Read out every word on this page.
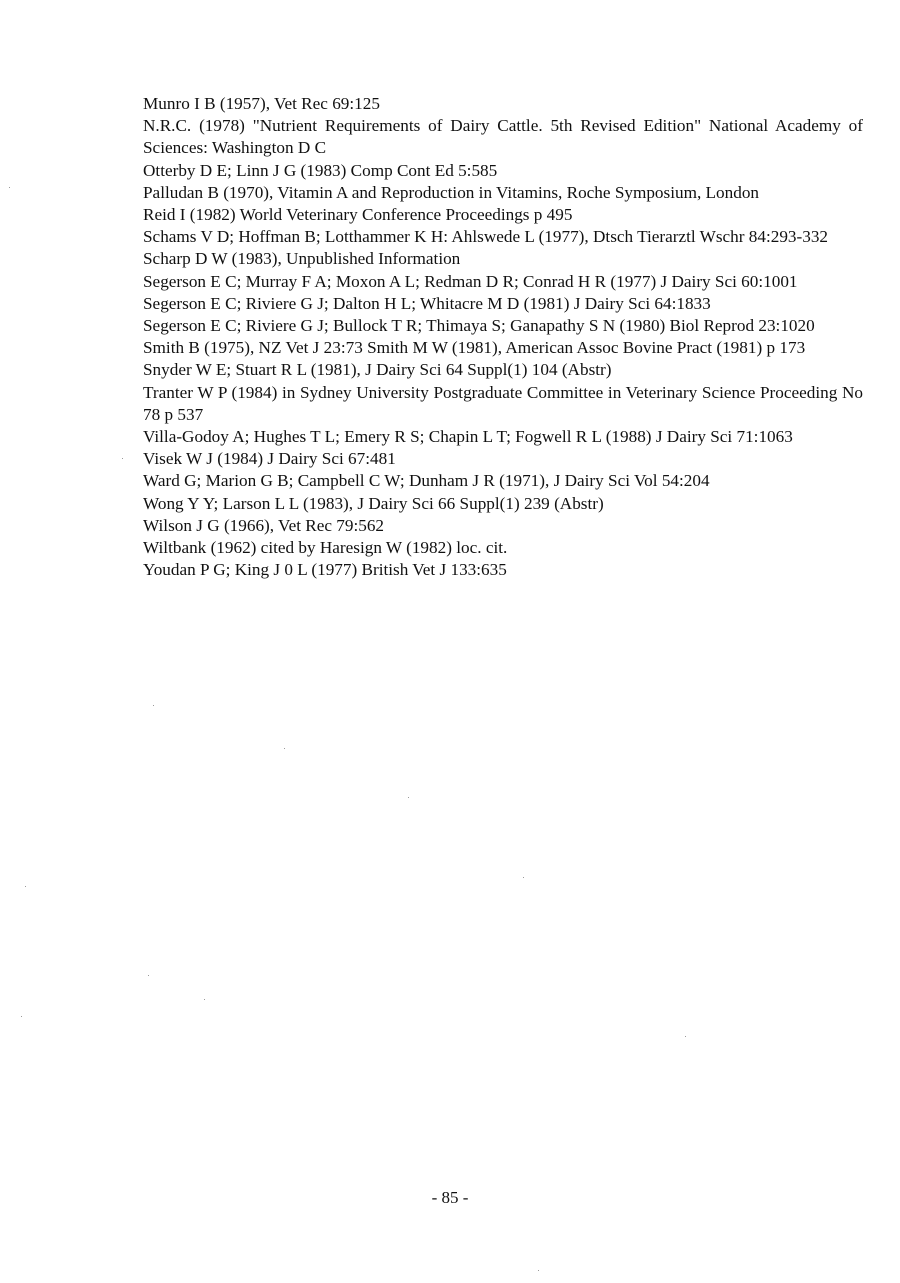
Munro I B (1957), Vet Rec 69:125
N.R.C. (1978) "Nutrient Requirements of Dairy Cattle. 5th Revised Edition" National Academy of Sciences: Washington D C
Otterby D E; Linn J G (1983) Comp Cont Ed 5:585
Palludan B (1970), Vitamin A and Reproduction in Vitamins, Roche Symposium, London
Reid I (1982) World Veterinary Conference Proceedings p 495
Schams V D; Hoffman B; Lotthammer K H: Ahlswede L (1977), Dtsch Tierarztl Wschr 84:293-332
Scharp D W (1983), Unpublished Information
Segerson E C; Murray F A; Moxon A L; Redman D R; Conrad H R (1977) J Dairy Sci 60:1001
Segerson E C; Riviere G J; Dalton H L; Whitacre M D (1981) J Dairy Sci 64:1833
Segerson E C; Riviere G J; Bullock T R; Thimaya S; Ganapathy S N (1980) Biol Reprod 23:1020
Smith B (1975), NZ Vet J 23:73 Smith M W (1981), American Assoc Bovine Pract (1981) p 173
Snyder W E; Stuart R L (1981), J Dairy Sci 64 Suppl(1) 104 (Abstr)
Tranter W P (1984) in Sydney University Postgraduate Committee in Veterinary Science Proceeding No 78 p 537
Villa-Godoy A; Hughes T L; Emery R S; Chapin L T; Fogwell R L (1988) J Dairy Sci 71:1063
Visek W J (1984) J Dairy Sci 67:481
Ward G; Marion G B; Campbell C W; Dunham J R (1971), J Dairy Sci Vol 54:204
Wong Y Y; Larson L L (1983), J Dairy Sci 66 Suppl(1) 239 (Abstr)
Wilson J G (1966), Vet Rec 79:562
Wiltbank (1962) cited by Haresign W (1982) loc. cit.
Youdan P G; King J 0 L (1977) British Vet J 133:635

- 85 -
